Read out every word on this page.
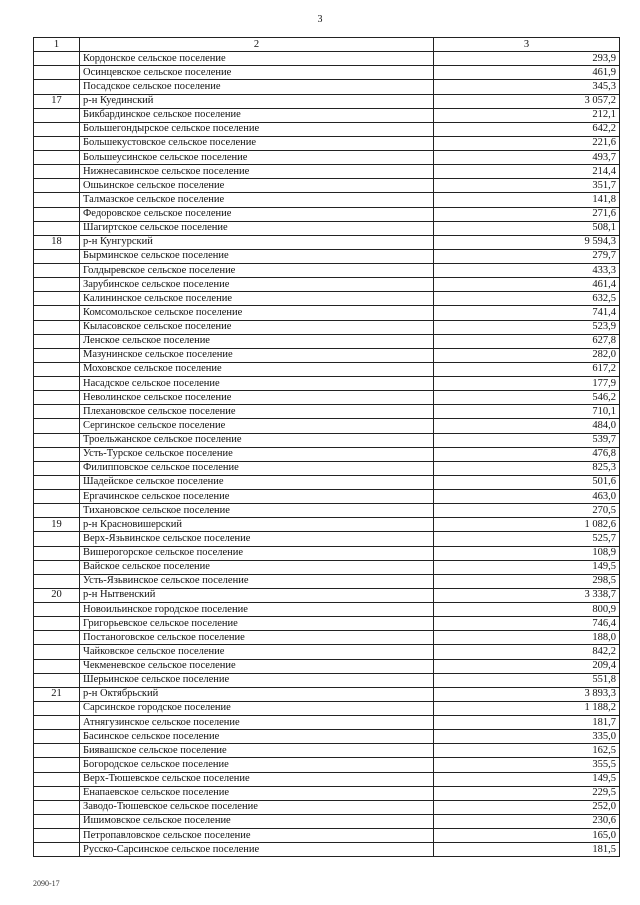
3
1	2	3
	Кордонское сельское поселение	293,9
	Осинцевское сельское поселение	461,9
	Посадское сельское поселение	345,3
17	р-н Куединский	3 057,2
	Бикбардинское сельское поселение	212,1
	Большегондырское сельское поселение	642,2
	Большекустовское сельское поселение	221,6
	Большеусинское сельское поселение	493,7
	Нижнесавинское сельское поселение	214,4
	Ошьинское сельское поселение	351,7
	Талмазское сельское поселение	141,8
	Федоровское сельское поселение	271,6
	Шагиртское сельское поселение	508,1
18	р-н Кунгурский	9 594,3
	Бырминское сельское поселение	279,7
	Голдыревское сельское поселение	433,3
	Зарубинское сельское поселение	461,4
	Калининское сельское поселение	632,5
	Комсомольское сельское поселение	741,4
	Кыласовское сельское поселение	523,9
	Ленское сельское поселение	627,8
	Мазунинское сельское поселение	282,0
	Моховское сельское поселение	617,2
	Насадское сельское поселение	177,9
	Неволинское сельское поселение	546,2
	Плехановское сельское поселение	710,1
	Сергинское сельское поселение	484,0
	Троельжанское сельское поселение	539,7
	Усть-Турское сельское поселение	476,8
	Филипповское сельское поселение	825,3
	Шадейское сельское поселение	501,6
	Ергачинское сельское поселение	463,0
	Тихановское сельское поселение	270,5
19	р-н Красновишерский	1 082,6
	Верх-Язьвинское сельское поселение	525,7
	Вишерогорское сельское поселение	108,9
	Вайское сельское поселение	149,5
	Усть-Язьвинское сельское поселение	298,5
20	р-н Нытвенский	3 338,7
	Новоильинское городское поселение	800,9
	Григорьевское сельское поселение	746,4
	Постаноговское сельское поселение	188,0
	Чайковское сельское поселение	842,2
	Чекменевское сельское поселение	209,4
	Шерьинское сельское поселение	551,8
21	р-н Октябрьский	3 893,3
	Сарсинское городское поселение	1 188,2
	Атнягузинское сельское поселение	181,7
	Басинское сельское поселение	335,0
	Биявашское сельское поселение	162,5
	Богородское сельское поселение	355,5
	Верх-Тюшевское сельское поселение	149,5
	Енапаевское сельское поселение	229,5
	Заводо-Тюшевское сельское поселение	252,0
	Ишимовское сельское поселение	230,6
	Петропавловское сельское поселение	165,0
	Русско-Сарсинское сельское поселение	181,5
2090-17
